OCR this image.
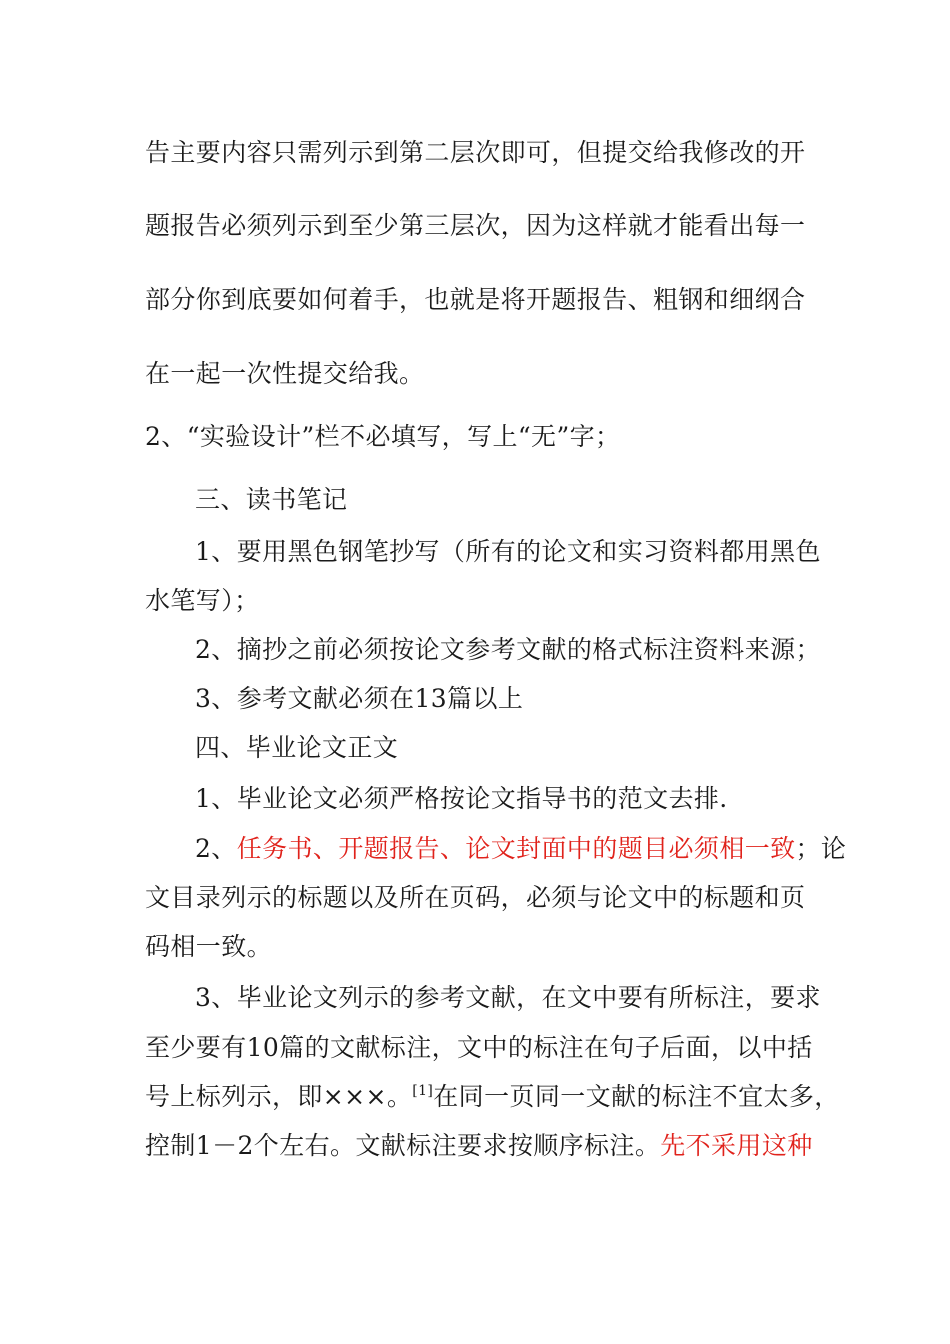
告主要内容只需列示到第二层次即可，但提交给我修改的开
题报告必须列示到至少第三层次，因为这样就才能看出每一
部分你到底要如何着手，也就是将开题报告、粗钢和细纲合
在一起一次性提交给我。
2、“实验设计”栏不必填写，写上“无”字；
三、读书笔记
1、要用黑色钢笔抄写（所有的论文和实习资料都用黑色
水笔写）；
2、摘抄之前必须按论文参考文献的格式标注资料来源；
3、参考文献必须在13篇以上
四、毕业论文正文
1、毕业论文必须严格按论文指导书的范文去排.
2、任务书、开题报告、论文封面中的题目必须相一致；论
文目录列示的标题以及所在页码，必须与论文中的标题和页
码相一致。
3、毕业论文列示的参考文献，在文中要有所标注，要求
至少要有10篇的文献标注，文中的标注在句子后面，以中括
号上标列示，即×××。[1]在同一页同一文献的标注不宜太多，
控制1－2个左右。文献标注要求按顺序标注。先不采用这种
